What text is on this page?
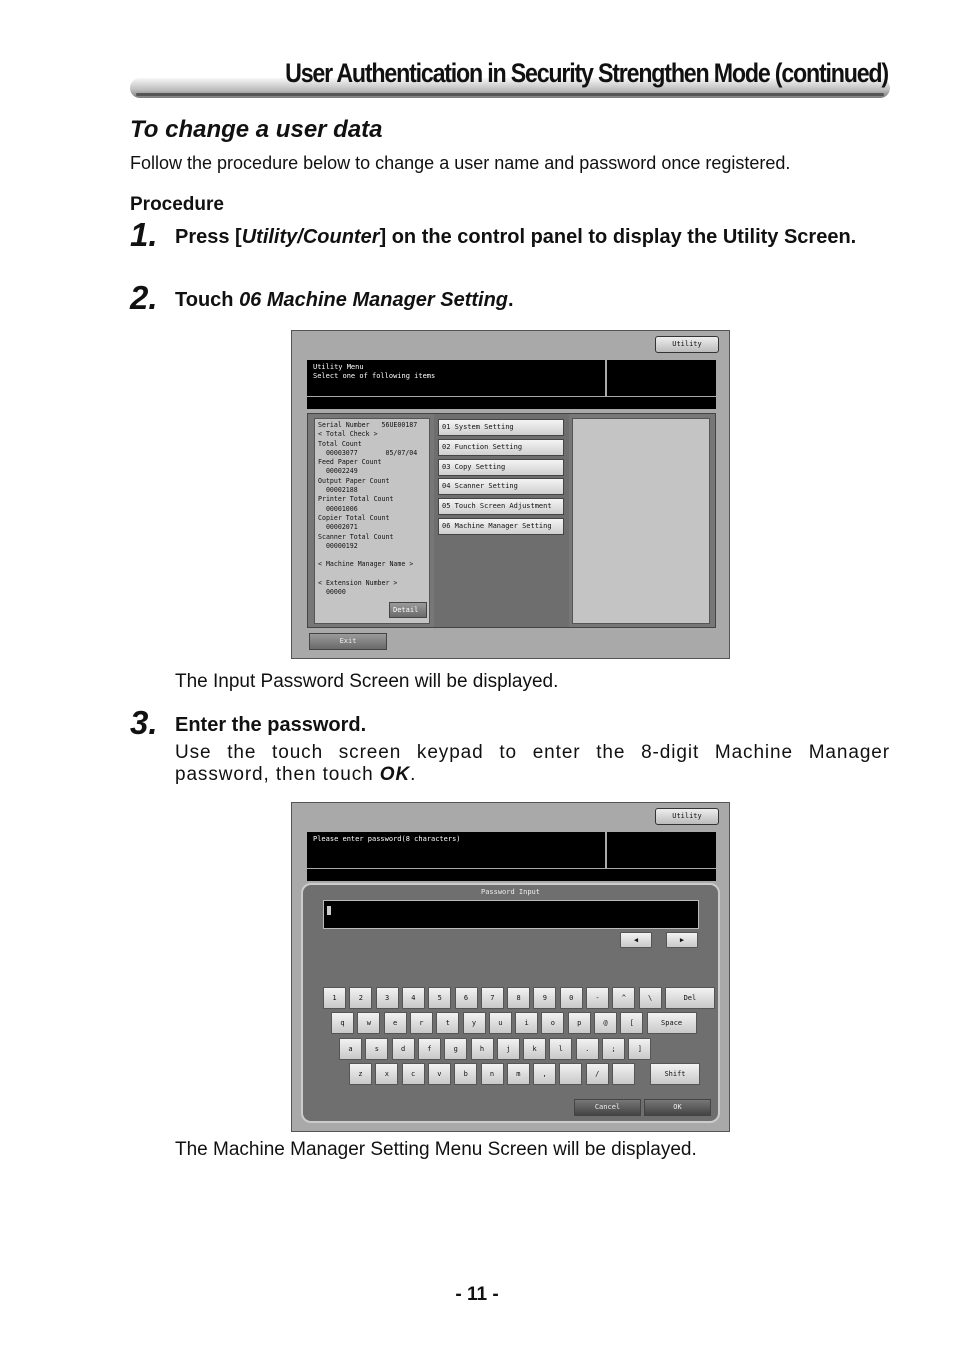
User Authentication in Security Strengthen Mode (continued)
To change a user data
Follow the procedure below to change a user name and password once registered.
Procedure
1. Press [Utility/Counter] on the control panel to display the Utility Screen.
2. Touch 06 Machine Manager Setting.
Utility
Utility Menu
Select one of following items
Serial Number   56UE00187
< Total Check >
Total Count
00003077       05/07/04
Feed Paper Count
00002249
Output Paper Count
00002188
Printer Total Count
00001006
Copier Total Count
00002071
Scanner Total Count
00000192

< Machine Manager Name >

< Extension Number >
00000
Detail
01 System Setting
02 Function Setting
03 Copy Setting
04 Scanner Setting
05 Touch Screen Adjustment
06 Machine Manager Setting
Exit
The Input Password Screen will be displayed.
3. Enter the password.
Use the touch screen keypad to enter the 8-digit Machine Manager password, then touch OK.
Utility
Please enter password(8 characters)
Password Input
◀	▶
1	2	3	4	5	6	7	8	9	0	-	^	\	Del
q	w	e	r	t	y	u	i	o	p	@	[	Space
a	s	d	f	g	h	j	k	l	.	;	]
z	x	c	v	b	n	m	,	/	Shift
Cancel	OK
The Machine Manager Setting Menu Screen will be displayed.
- 11 -
